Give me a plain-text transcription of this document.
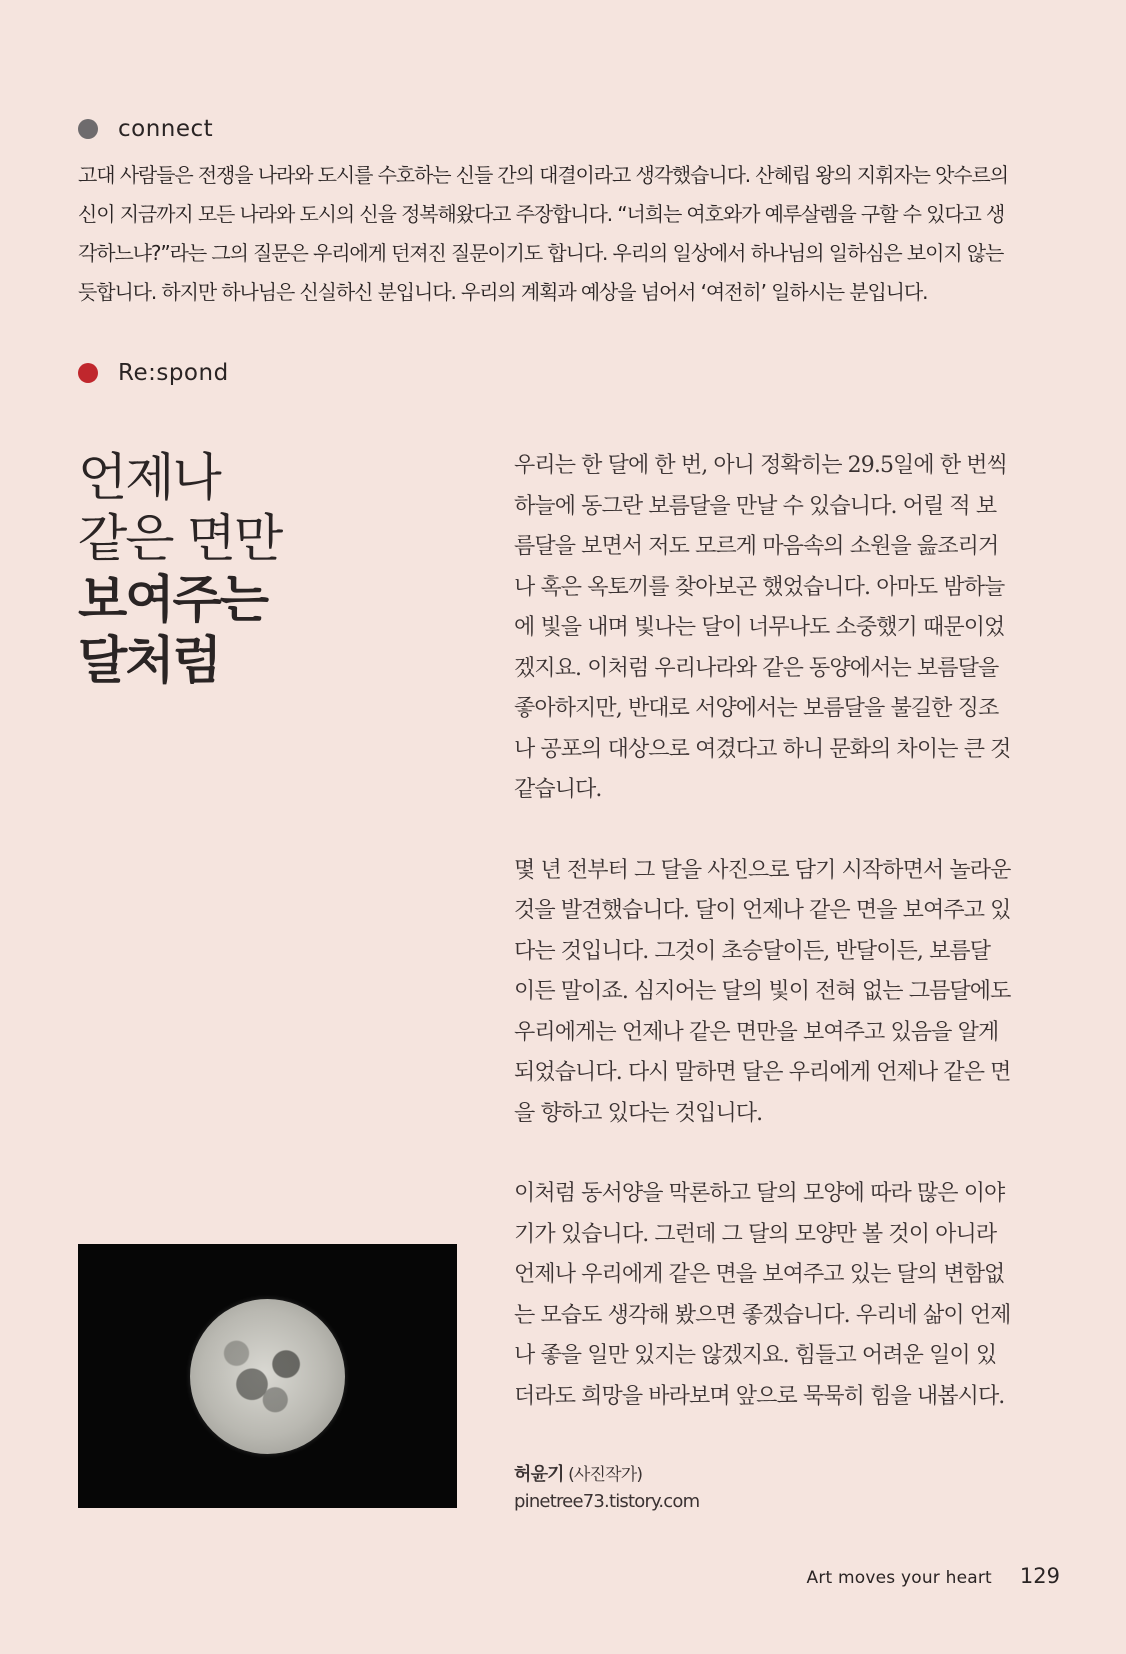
connect

고대 사람들은 전쟁을 나라와 도시를 수호하는 신들 간의 대결이라고 생각했습니다. 산헤립 왕의 지휘자는 앗수르의
신이 지금까지 모든 나라와 도시의 신을 정복해왔다고 주장합니다. “너희는 여호와가 예루살렘을 구할 수 있다고 생
각하느냐?”라는 그의 질문은 우리에게 던져진 질문이기도 합니다. 우리의 일상에서 하나님의 일하심은 보이지 않는
듯합니다. 하지만 하나님은 신실하신 분입니다. 우리의 계획과 예상을 넘어서 ‘여전히’ 일하시는 분입니다.

Re:spond
언제나
같은 면만
보여주는
달처럼

우리는 한 달에 한 번, 아니 정확히는 29.5일에 한 번씩
하늘에 동그란 보름달을 만날 수 있습니다. 어릴 적 보
름달을 보면서 저도 모르게 마음속의 소원을 읊조리거
나 혹은 옥토끼를 찾아보곤 했었습니다. 아마도 밤하늘
에 빛을 내며 빛나는 달이 너무나도 소중했기 때문이었
겠지요. 이처럼 우리나라와 같은 동양에서는 보름달을
좋아하지만, 반대로 서양에서는 보름달을 불길한 징조
나 공포의 대상으로 여겼다고 하니 문화의 차이는 큰 것
같습니다.

몇 년 전부터 그 달을 사진으로 담기 시작하면서 놀라운
것을 발견했습니다. 달이 언제나 같은 면을 보여주고 있
다는 것입니다. 그것이 초승달이든, 반달이든, 보름달
이든 말이죠. 심지어는 달의 빛이 전혀 없는 그믐달에도
우리에게는 언제나 같은 면만을 보여주고 있음을 알게
되었습니다. 다시 말하면 달은 우리에게 언제나 같은 면
을 향하고 있다는 것입니다.

이처럼 동서양을 막론하고 달의 모양에 따라 많은 이야
기가 있습니다. 그런데 그 달의 모양만 볼 것이 아니라
언제나 우리에게 같은 면을 보여주고 있는 달의 변함없
는 모습도 생각해 봤으면 좋겠습니다. 우리네 삶이 언제
나 좋을 일만 있지는 않겠지요. 힘들고 어려운 일이 있
더라도 희망을 바라보며 앞으로 묵묵히 힘을 내봅시다.

허윤기 (사진작가)
pinetree73.tistory.com
Art moves your heart 129
